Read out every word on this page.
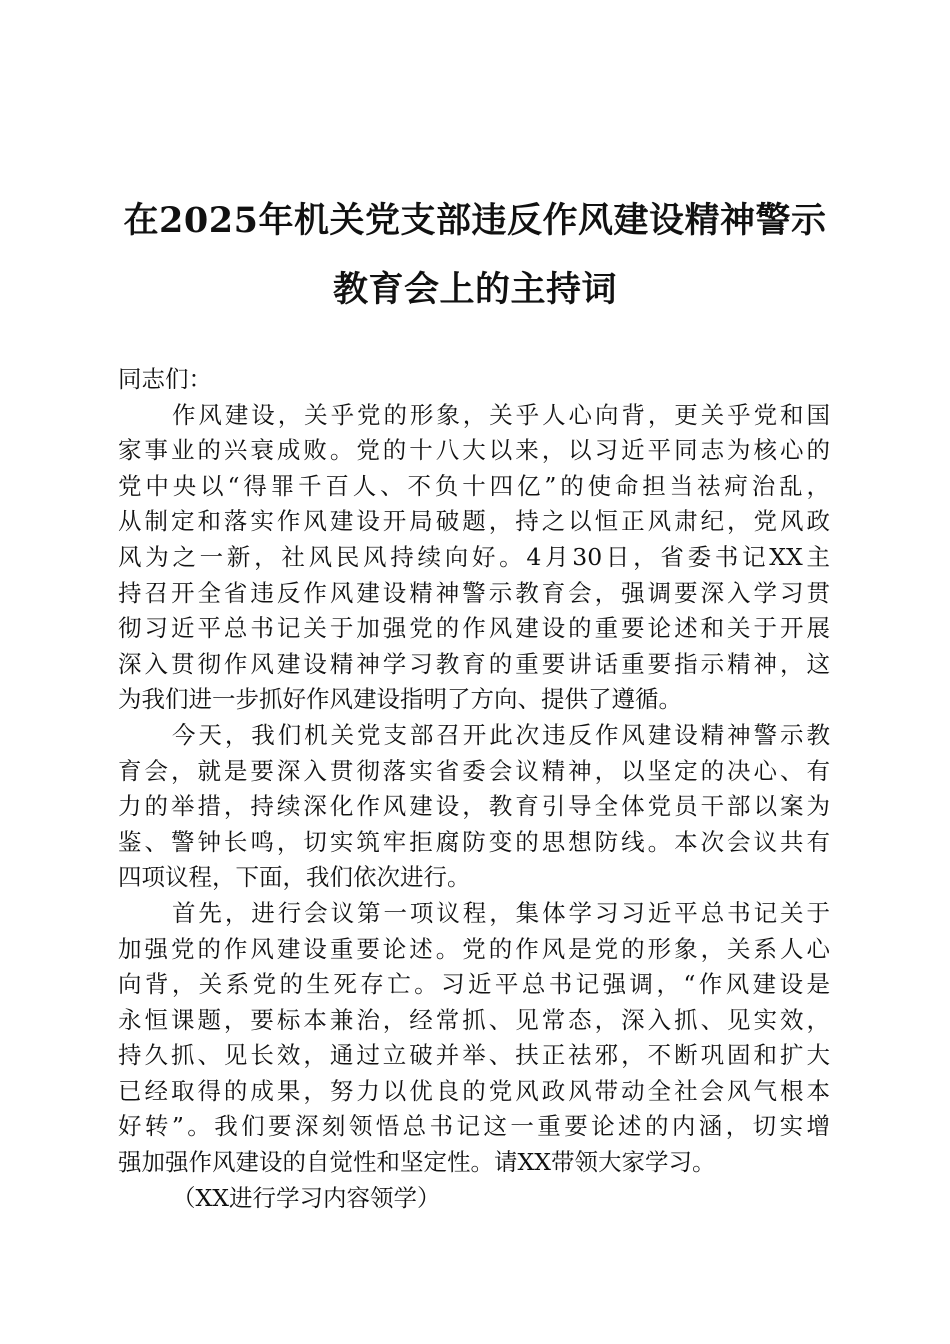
在2025年机关党支部违反作风建设精神警示
教育会上的主持词
同志们：
作风建设，关乎党的形象，关乎人心向背，更关乎党和国
家事业的兴衰成败。党的十八大以来，以习近平同志为核心的
党中央以“得罪千百人、不负十四亿”的使命担当祛疴治乱，
从制定和落实作风建设开局破题，持之以恒正风肃纪，党风政
风为之一新，社风民风持续向好。4月30日，省委书记XX主
持召开全省违反作风建设精神警示教育会，强调要深入学习贯
彻习近平总书记关于加强党的作风建设的重要论述和关于开展
深入贯彻作风建设精神学习教育的重要讲话重要指示精神，这
为我们进一步抓好作风建设指明了方向、提供了遵循。
今天，我们机关党支部召开此次违反作风建设精神警示教
育会，就是要深入贯彻落实省委会议精神，以坚定的决心、有
力的举措，持续深化作风建设，教育引导全体党员干部以案为
鉴、警钟长鸣，切实筑牢拒腐防变的思想防线。本次会议共有
四项议程，下面，我们依次进行。
首先，进行会议第一项议程，集体学习习近平总书记关于
加强党的作风建设重要论述。党的作风是党的形象，关系人心
向背，关系党的生死存亡。习近平总书记强调，“作风建设是
永恒课题，要标本兼治，经常抓、见常态，深入抓、见实效，
持久抓、见长效，通过立破并举、扶正祛邪，不断巩固和扩大
已经取得的成果，努力以优良的党风政风带动全社会风气根本
好转”。我们要深刻领悟总书记这一重要论述的内涵，切实增
强加强作风建设的自觉性和坚定性。请XX带领大家学习。
（XX进行学习内容领学）
